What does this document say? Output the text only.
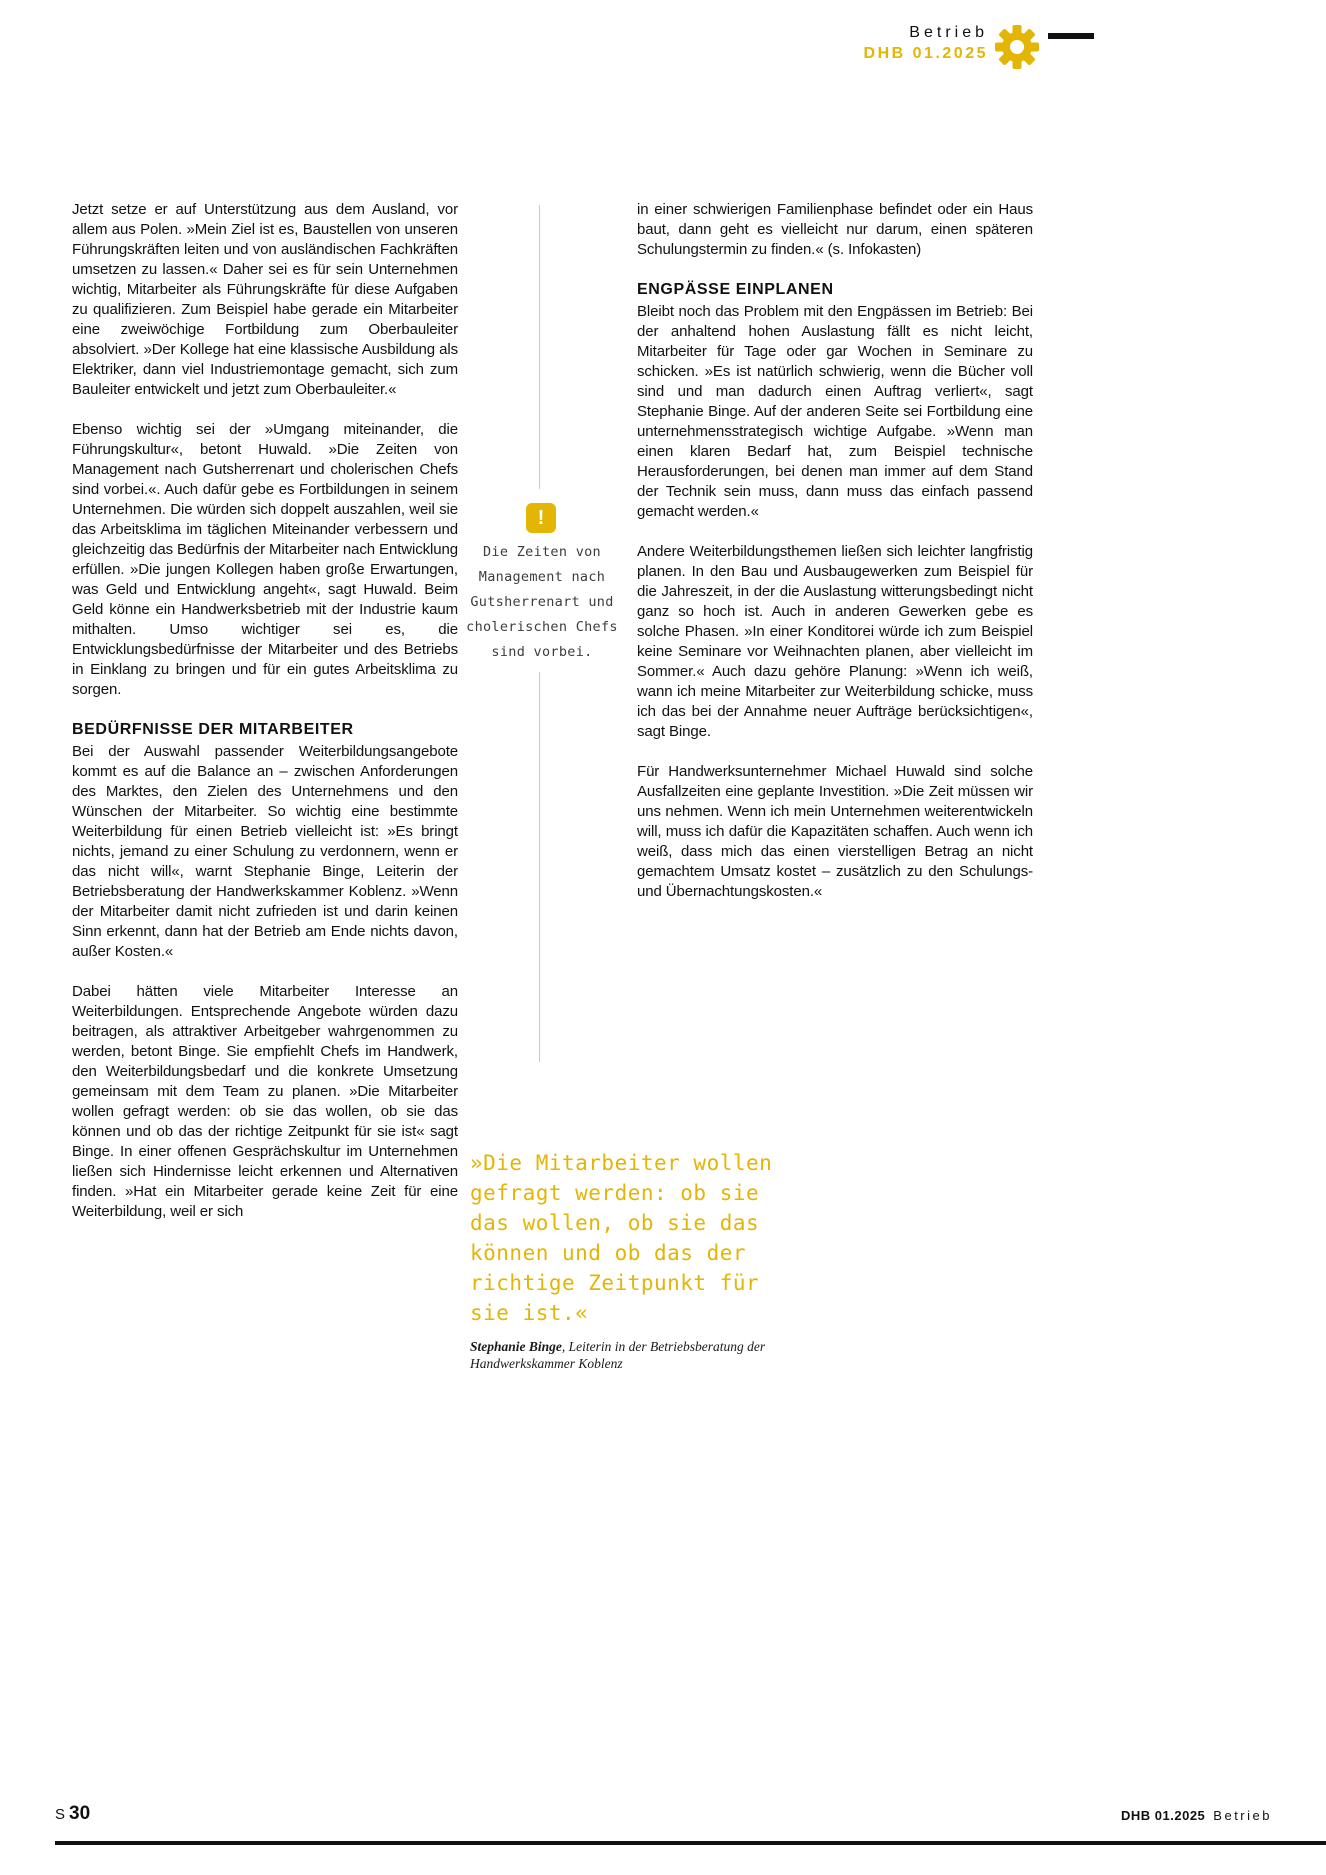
Betrieb
DHB 01.2025

Jetzt setze er auf Unterstützung aus dem Ausland, vor allem aus Polen. »Mein Ziel ist es, Baustellen von unseren Führungskräften leiten und von ausländischen Fachkräften umsetzen zu lassen.« Daher sei es für sein Unternehmen wichtig, Mitarbeiter als Führungskräfte für diese Aufgaben zu qualifizieren. Zum Beispiel habe gerade ein Mitarbeiter eine zweiwöchige Fortbildung zum Oberbauleiter absolviert. »Der Kollege hat eine klassische Ausbildung als Elektriker, dann viel Industriemontage gemacht, sich zum Bauleiter entwickelt und jetzt zum Oberbauleiter.«

Ebenso wichtig sei der »Umgang miteinander, die Führungskultur«, betont Huwald. »Die Zeiten von Management nach Gutsherrenart und cholerischen Chefs sind vorbei.«. Auch dafür gebe es Fortbildungen in seinem Unternehmen. Die würden sich doppelt auszahlen, weil sie das Arbeitsklima im täglichen Miteinander verbessern und gleichzeitig das Bedürfnis der Mitarbeiter nach Entwicklung erfüllen. »Die jungen Kollegen haben große Erwartungen, was Geld und Entwicklung angeht«, sagt Huwald. Beim Geld könne ein Handwerksbetrieb mit der Industrie kaum mithalten. Umso wichtiger sei es, die Entwicklungsbedürfnisse der Mitarbeiter und des Betriebs in Einklang zu bringen und für ein gutes Arbeitsklima zu sorgen.

BEDÜRFNISSE DER MITARBEITER

Bei der Auswahl passender Weiterbildungsangebote kommt es auf die Balance an – zwischen Anforderungen des Marktes, den Zielen des Unternehmens und den Wünschen der Mitarbeiter. So wichtig eine bestimmte Weiterbildung für einen Betrieb vielleicht ist: »Es bringt nichts, jemand zu einer Schulung zu verdonnern, wenn er das nicht will«, warnt Stephanie Binge, Leiterin der Betriebsberatung der Handwerkskammer Koblenz. »Wenn der Mitarbeiter damit nicht zufrieden ist und darin keinen Sinn erkennt, dann hat der Betrieb am Ende nichts davon, außer Kosten.«

Dabei hätten viele Mitarbeiter Interesse an Weiterbildungen. Entsprechende Angebote würden dazu beitragen, als attraktiver Arbeitgeber wahrgenommen zu werden, betont Binge. Sie empfiehlt Chefs im Handwerk, den Weiterbildungsbedarf und die konkrete Umsetzung gemeinsam mit dem Team zu planen. »Die Mitarbeiter wollen gefragt werden: ob sie das wollen, ob sie das können und ob das der richtige Zeitpunkt für sie ist« sagt Binge. In einer offenen Gesprächskultur im Unternehmen ließen sich Hindernisse leicht erkennen und Alternativen finden. »Hat ein Mitarbeiter gerade keine Zeit für eine Weiterbildung, weil er sich

!
Die Zeiten von Management nach Gutsherrenart und cholerischen Chefs sind vorbei.

in einer schwierigen Familienphase befindet oder ein Haus baut, dann geht es vielleicht nur darum, einen späteren Schulungstermin zu finden.« (s. Infokasten)

ENGPÄSSE EINPLANEN

Bleibt noch das Problem mit den Engpässen im Betrieb: Bei der anhaltend hohen Auslastung fällt es nicht leicht, Mitarbeiter für Tage oder gar Wochen in Seminare zu schicken. »Es ist natürlich schwierig, wenn die Bücher voll sind und man dadurch einen Auftrag verliert«, sagt Stephanie Binge. Auf der anderen Seite sei Fortbildung eine unternehmensstrategisch wichtige Aufgabe. »Wenn man einen klaren Bedarf hat, zum Beispiel technische Herausforderungen, bei denen man immer auf dem Stand der Technik sein muss, dann muss das einfach passend gemacht werden.«

Andere Weiterbildungsthemen ließen sich leichter langfristig planen. In den Bau und Ausbaugewerken zum Beispiel für die Jahreszeit, in der die Auslastung witterungsbedingt nicht ganz so hoch ist. Auch in anderen Gewerken gebe es solche Phasen. »In einer Konditorei würde ich zum Beispiel keine Seminare vor Weihnachten planen, aber vielleicht im Sommer.« Auch dazu gehöre Planung: »Wenn ich weiß, wann ich meine Mitarbeiter zur Weiterbildung schicke, muss ich das bei der Annahme neuer Aufträge berücksichtigen«, sagt Binge.

Für Handwerksunternehmer Michael Huwald sind solche Ausfallzeiten eine geplante Investition. »Die Zeit müssen wir uns nehmen. Wenn ich mein Unternehmen weiterentwickeln will, muss ich dafür die Kapazitäten schaffen. Auch wenn ich weiß, dass mich das einen vierstelligen Betrag an nicht gemachtem Umsatz kostet – zusätzlich zu den Schulungs- und Übernachtungskosten.«

»Die Mitarbeiter wollen gefragt werden: ob sie das wollen, ob sie das können und ob das der richtige Zeitpunkt für sie ist.«
Stephanie Binge, Leiterin in der Betriebsberatung der Handwerkskammer Koblenz
S 30	DHB 01.2025 Betrieb
